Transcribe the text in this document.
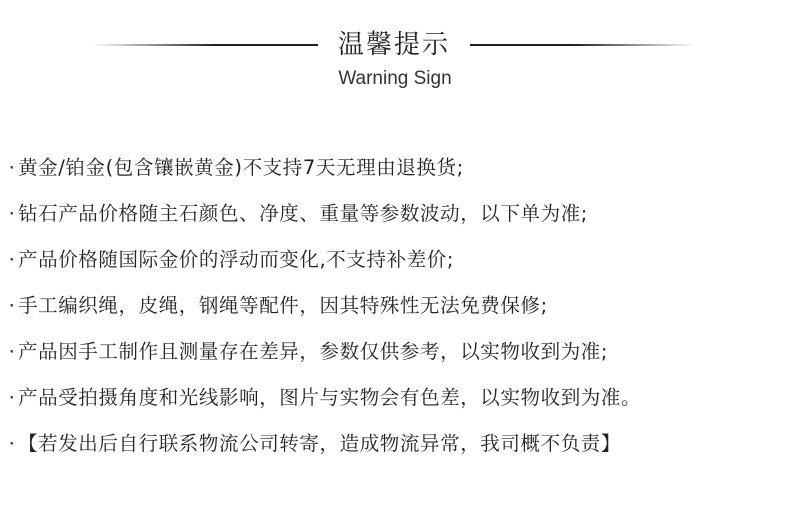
温馨提示
Warning Sign
· 黄金/铂金(包含镶嵌黄金)不支持7天无理由退换货;
· 钻石产品价格随主石颜色、净度、重量等参数波动，以下单为准;
· 产品价格随国际金价的浮动而变化,不支持补差价;
· 手工编织绳，皮绳，钢绳等配件，因其特殊性无法免费保修;
· 产品因手工制作且测量存在差异，参数仅供参考，以实物收到为准;
· 产品受拍摄角度和光线影响，图片与实物会有色差，以实物收到为准。
· 【若发出后自行联系物流公司转寄，造成物流异常，我司概不负责】
